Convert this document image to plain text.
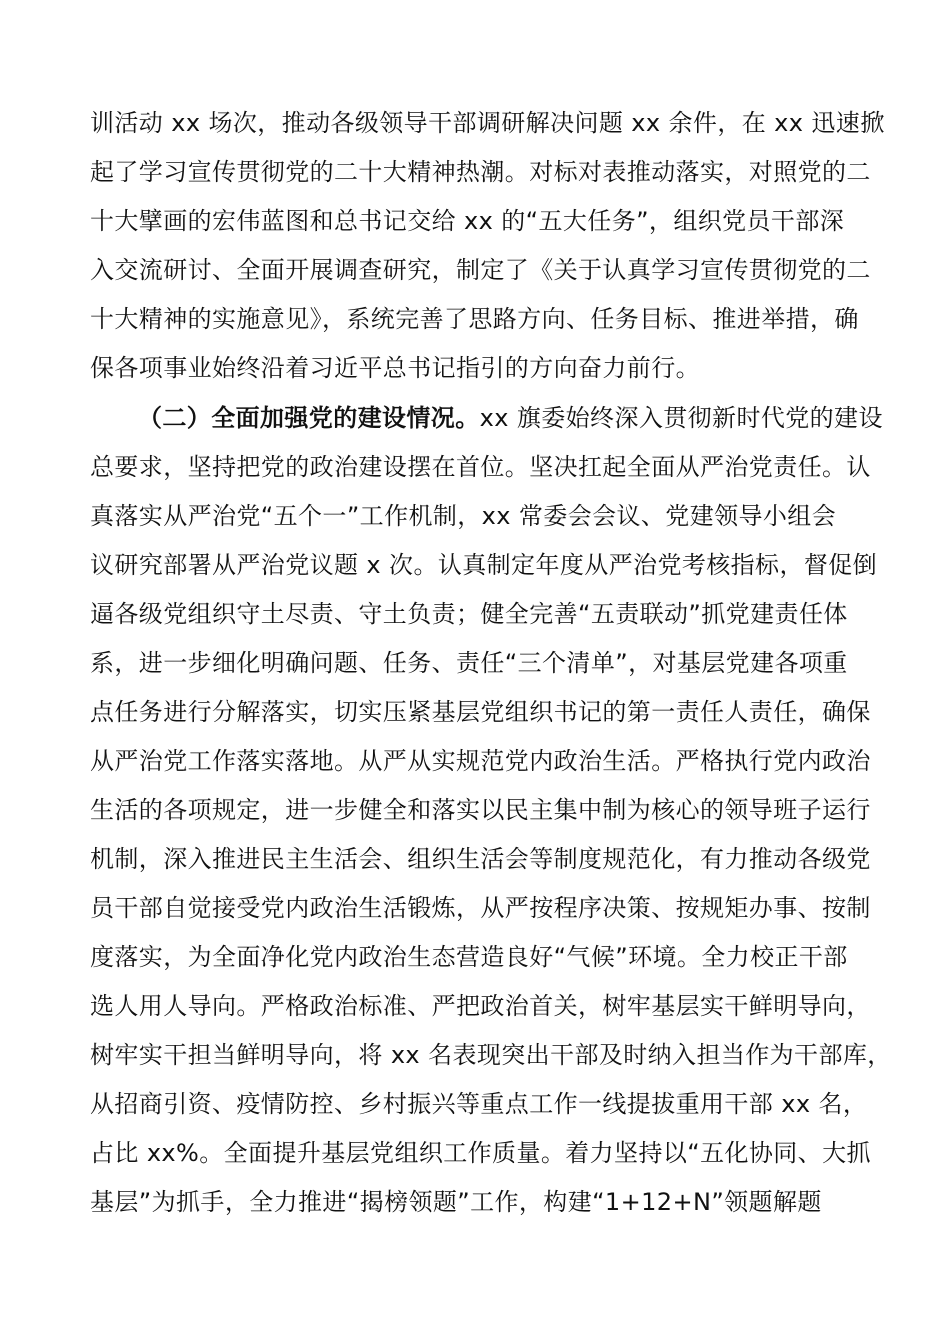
训活动 xx 场次，推动各级领导干部调研解决问题 xx 余件，在 xx 迅速掀
起了学习宣传贯彻党的二十大精神热潮。对标对表推动落实，对照党的二
十大擘画的宏伟蓝图和总书记交给 xx 的“五大任务”，组织党员干部深
入交流研讨、全面开展调查研究，制定了《关于认真学习宣传贯彻党的二
十大精神的实施意见》，系统完善了思路方向、任务目标、推进举措，确
保各项事业始终沿着习近平总书记指引的方向奋力前行。
（二）全面加强党的建设情况。xx 旗委始终深入贯彻新时代党的建设
总要求，坚持把党的政治建设摆在首位。坚决扛起全面从严治党责任。认
真落实从严治党“五个一”工作机制，xx 常委会会议、党建领导小组会
议研究部署从严治党议题 x 次。认真制定年度从严治党考核指标，督促倒
逼各级党组织守土尽责、守土负责；健全完善“五责联动”抓党建责任体
系，进一步细化明确问题、任务、责任“三个清单”，对基层党建各项重
点任务进行分解落实，切实压紧基层党组织书记的第一责任人责任，确保
从严治党工作落实落地。从严从实规范党内政治生活。严格执行党内政治
生活的各项规定，进一步健全和落实以民主集中制为核心的领导班子运行
机制，深入推进民主生活会、组织生活会等制度规范化，有力推动各级党
员干部自觉接受党内政治生活锻炼，从严按程序决策、按规矩办事、按制
度落实，为全面净化党内政治生态营造良好“气候”环境。全力校正干部
选人用人导向。严格政治标准、严把政治首关，树牢基层实干鲜明导向，
树牢实干担当鲜明导向，将 xx 名表现突出干部及时纳入担当作为干部库，
从招商引资、疫情防控、乡村振兴等重点工作一线提拔重用干部 xx 名，
占比 xx%。全面提升基层党组织工作质量。着力坚持以“五化协同、大抓
基层”为抓手，全力推进“揭榜领题”工作，构建“1+12+N”领题解题
